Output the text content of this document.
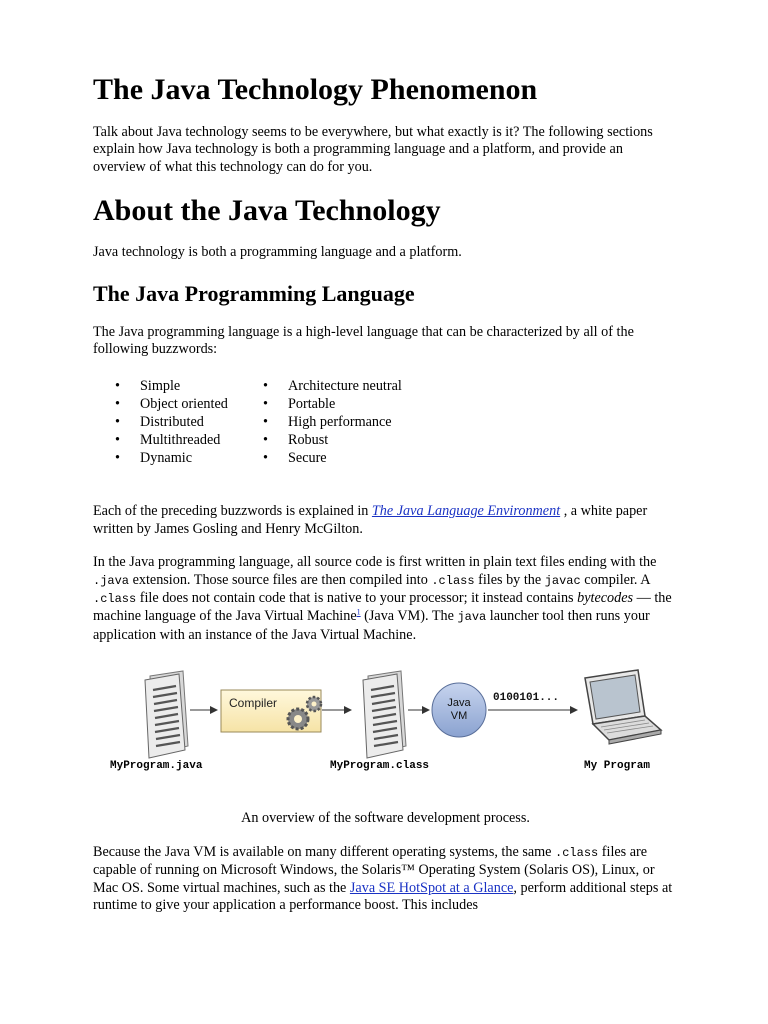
The Java Technology Phenomenon

Talk about Java technology seems to be everywhere, but what exactly is it? The following sections explain how Java technology is both a programming language and a platform, and provide an overview of what this technology can do for you.

About the Java Technology

Java technology is both a programming language and a platform.

The Java Programming Language

The Java programming language is a high-level language that can be characterized by all of the following buzzwords:

• Simple
• Object oriented
• Distributed
• Multithreaded
• Dynamic
• Architecture neutral
• Portable
• High performance
• Robust
• Secure

Each of the preceding buzzwords is explained in The Java Language Environment , a white paper written by James Gosling and Henry McGilton.

In the Java programming language, all source code is first written in plain text files ending with the .java extension. Those source files are then compiled into .class files by the javac compiler. A .class file does not contain code that is native to your processor; it instead contains bytecodes — the machine language of the Java Virtual Machine$^1$ (Java VM). The java launcher tool then runs your application with an instance of the Java Virtual Machine.

Compiler	Java
VM
0100101...
MyProgram.java	MyProgram.class	My Program

An overview of the software development process.

Because the Java VM is available on many different operating systems, the same .class files are capable of running on Microsoft Windows, the Solaris™ Operating System (Solaris OS), Linux, or Mac OS. Some virtual machines, such as the Java SE HotSpot at a Glance, perform additional steps at runtime to give your application a performance boost. This includes
